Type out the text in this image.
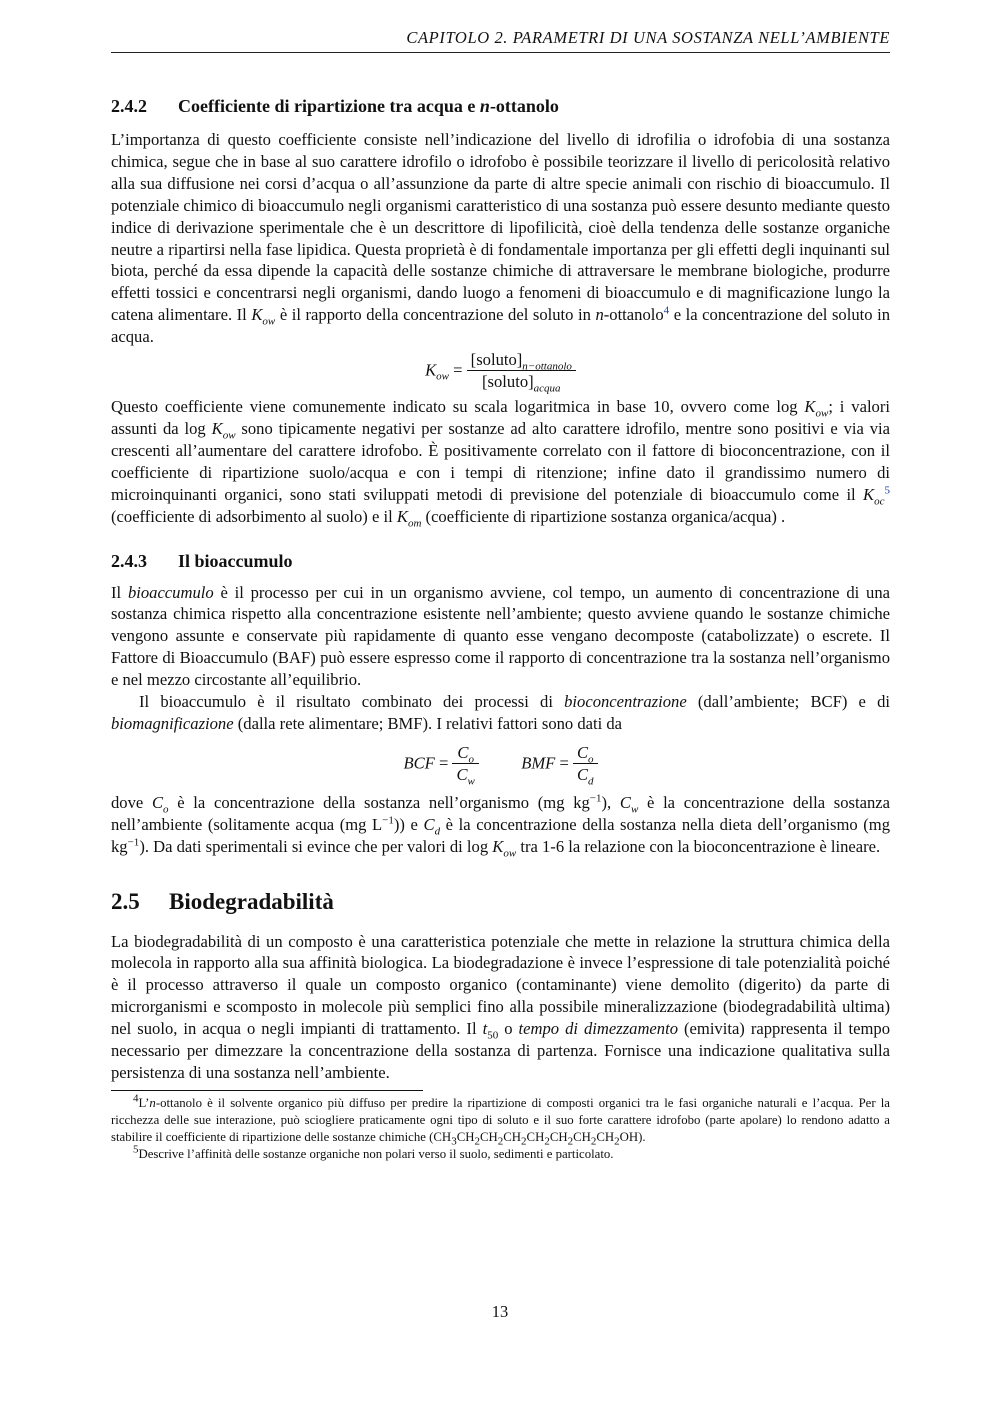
CAPITOLO 2. PARAMETRI DI UNA SOSTANZA NELL’AMBIENTE
2.4.2 Coefficiente di ripartizione tra acqua e n-ottanolo

L’importanza di questo coefficiente consiste nell’indicazione del livello di idrofilia o idrofobia di una sostanza chimica, segue che in base al suo carattere idrofilo o idrofobo è possibile teorizzare il livello di pericolosità relativo alla sua diffusione nei corsi d’acqua o all’assunzione da parte di altre specie animali con rischio di bioaccumulo. Il potenziale chimico di bioaccumulo negli organismi caratteristico di una sostanza può essere desunto mediante questo indice di derivazione sperimentale che è un descrittore di lipofilicità, cioè della tendenza delle sostanze organiche neutre a ripartirsi nella fase lipidica. Questa proprietà è di fondamentale importanza per gli effetti degli inquinanti sul biota, perché da essa dipende la capacità delle sostanze chimiche di attraversare le membrane biologiche, produrre effetti tossici e concentrarsi negli organismi, dando luogo a fenomeni di bioaccumulo e di magnificazione lungo la catena alimentare. Il $K_{ow}$ è il rapporto della concentrazione del soluto in n-ottanolo$^4$ e la concentrazione del soluto in acqua.

$K_{ow} = \frac{[soluto]_{n-ottanolo}}{[soluto]_{acqua}}$

Questo coefficiente viene comunemente indicato su scala logaritmica in base 10, ovvero come $\log K_{ow}$; i valori assunti da $\log K_{ow}$ sono tipicamente negativi per sostanze ad alto carattere idrofilo, mentre sono positivi e via via crescenti all’aumentare del carattere idrofobo. È positivamente correlato con il fattore di bioconcentrazione, con il coefficiente di ripartizione suolo/acqua e con i tempi di ritenzione; infine dato il grandissimo numero di microinquinanti organici, sono stati sviluppati metodi di previsione del potenziale di bioaccumulo come il $K_{oc}^5$ (coefficiente di adsorbimento al suolo) e il $K_{om}$ (coefficiente di ripartizione sostanza organica/acqua) .

2.4.3 Il bioaccumulo

Il bioaccumulo è il processo per cui in un organismo avviene, col tempo, un aumento di concentrazione di una sostanza chimica rispetto alla concentrazione esistente nell’ambiente; questo avviene quando le sostanze chimiche vengono assunte e conservate più rapidamente di quanto esse vengano decomposte (catabolizzate) o escrete. Il Fattore di Bioaccumulo (BAF) può essere espresso come il rapporto di concentrazione tra la sostanza nell’organismo e nel mezzo circostante all’equilibrio.

Il bioaccumulo è il risultato combinato dei processi di bioconcentrazione (dall’ambiente; BCF) e di biomagnificazione (dalla rete alimentare; BMF). I relativi fattori sono dati da

BCF = $\frac{C_o}{C_w}$	BMF = $\frac{C_o}{C_d}$

dove $C_o$ è la concentrazione della sostanza nell’organismo (mg $kg^{-1}$), $C_w$ è la concentrazione della sostanza nell’ambiente (solitamente acqua (mg $L^{-1}$)) e $C_d$ è la concentrazione della sostanza nella dieta dell’organismo (mg $kg^{-1}$). Da dati sperimentali si evince che per valori di $\log K_{ow}$ tra 1-6 la relazione con la bioconcentrazione è lineare.

2.5 Biodegradabilità

La biodegradabilità di un composto è una caratteristica potenziale che mette in relazione la struttura chimica della molecola in rapporto alla sua affinità biologica. La biodegradazione è invece l’espressione di tale potenzialità poiché è il processo attraverso il quale un composto organico (contaminante) viene demolito (digerito) da parte di microrganismi e scomposto in molecole più semplici fino alla possibile mineralizzazione (biodegradabilità ultima) nel suolo, in acqua o negli impianti di trattamento. Il $t_{50}$ o tempo di dimezzamento (emivita) rappresenta il tempo necessario per dimezzare la concentrazione della sostanza di partenza. Fornisce una indicazione qualitativa sulla persistenza di una sostanza nell’ambiente.

$^4$L’n-ottanolo è il solvente organico più diffuso per predire la ripartizione di composti organici tra le fasi organiche naturali e l’acqua. Per la ricchezza delle sue interazione, può sciogliere praticamente ogni tipo di soluto e il suo forte carattere idrofobo (parte apolare) lo rendono adatto a stabilire il coefficiente di ripartizione delle sostanze chimiche $(CH_3CH_2CH_2CH_2CH_2CH_2CH_2CH_2OH)$.

$^5$Descrive l’affinità delle sostanze organiche non polari verso il suolo, sedimenti e particolato.

13
